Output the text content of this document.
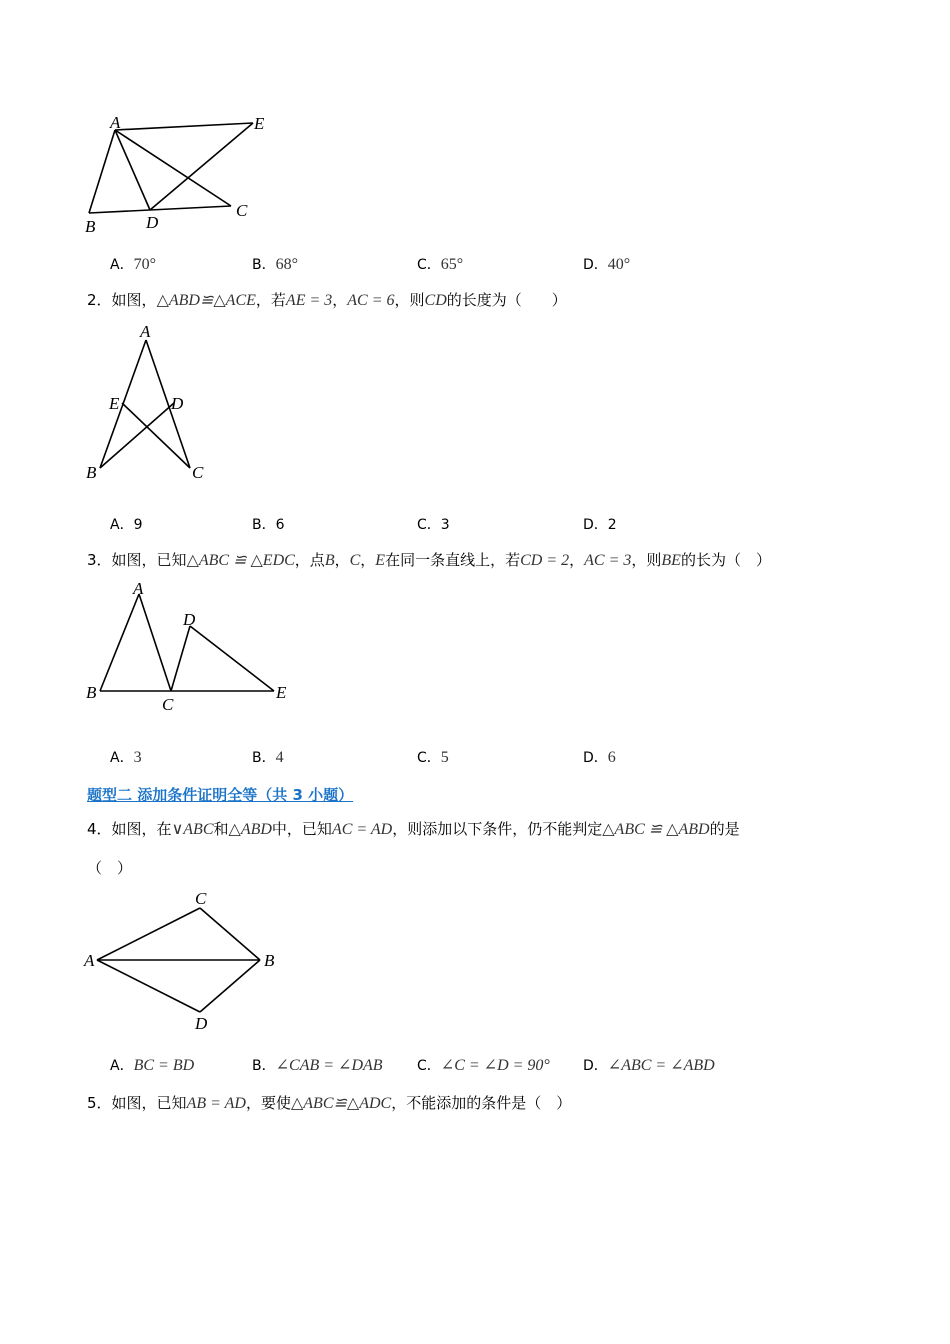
A	E
B	D
C
A．70°	B．68°	C．65°	D．40°
2．如图，△ABD≌△ACE，若AE = 3，AC = 6，则CD的长度为（　　）
A
E	D
B	C
A．9	B．6	C．3	D．2
3．如图，已知△ABC ≌ △EDC，点B，C，E在同一条直线上，若CD = 2，AC = 3，则BE的长为（　）
A
D
B
C
E
A．3	B．4	C．5	D．6
题型二 添加条件证明全等（共 3 小题）
4．如图，在∨ABC和△ABD中，已知AC = AD，则添加以下条件，仍不能判定△ABC ≌ △ABD的是
（　）
C
A	B
D
A．BC = BD	B．∠CAB = ∠DAB C．∠C = ∠D = 90° D．∠ABC = ∠ABD
5．如图，已知AB = AD，要使△ABC≌△ADC，不能添加的条件是（　）
